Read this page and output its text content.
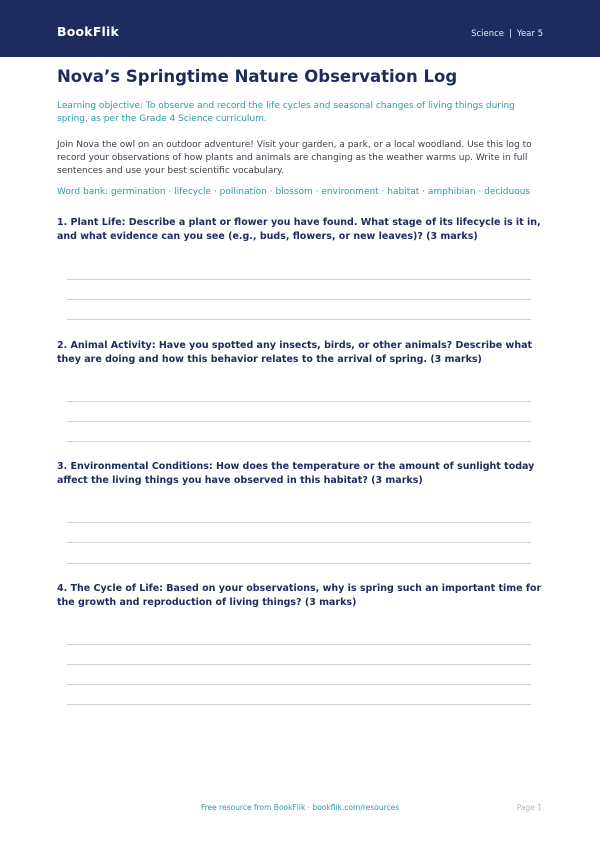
BookFlik	Science | Year 5
Nova’s Springtime Nature Observation Log

Learning objective: To observe and record the life cycles and seasonal changes of living things during spring, as per the Grade 4 Science curriculum.

Join Nova the owl on an outdoor adventure! Visit your garden, a park, or a local woodland. Use this log to record your observations of how plants and animals are changing as the weather warms up. Write in full sentences and use your best scientific vocabulary.

Word bank: germination · lifecycle · pollination · blossom · environment · habitat · amphibian · deciduous

1. Plant Life: Describe a plant or flower you have found. What stage of its lifecycle is it in, and what evidence can you see (e.g., buds, flowers, or new leaves)? (3 marks)

2. Animal Activity: Have you spotted any insects, birds, or other animals? Describe what they are doing and how this behavior relates to the arrival of spring. (3 marks)

3. Environmental Conditions: How does the temperature or the amount of sunlight today affect the living things you have observed in this habitat? (3 marks)

4. The Cycle of Life: Based on your observations, why is spring such an important time for the growth and reproduction of living things? (3 marks)

Free resource from BookFlik · bookflik.com/resources	Page 1
